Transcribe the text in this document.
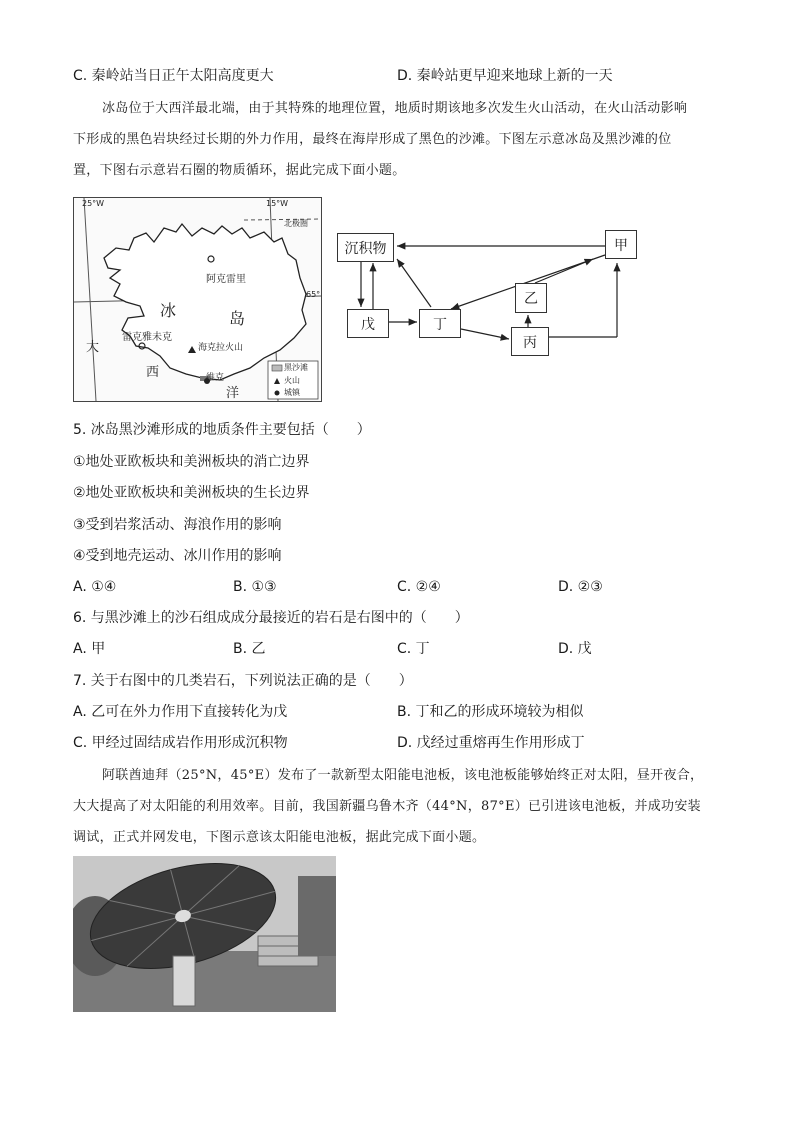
C. 秦岭站当日正午太阳高度更大	D. 秦岭站更早迎来地球上新的一天
冰岛位于大西洋最北端，由于其特殊的地理位置，地质时期该地多次发生火山活动，在火山活动影响
下形成的黑色岩块经过长期的外力作用，最终在海岸形成了黑色的沙滩。下图左示意冰岛及黑沙滩的位
置，下图右示意岩石圈的物质循环，据此完成下面小题。
25°W	15°W
北极圈
65°
阿克雷里
冰	岛
雷克雅未克
海克拉火山
维克
大
西
洋
黑沙滩
火山
城镇
沉积物	甲
乙
戊	丁
丙
5. 冰岛黑沙滩形成的地质条件主要包括（　　）
①地处亚欧板块和美洲板块的消亡边界
②地处亚欧板块和美洲板块的生长边界
③受到岩浆活动、海浪作用的影响
④受到地壳运动、冰川作用的影响
A. ①④	B. ①③	C. ②④	D. ②③
6. 与黑沙滩上的沙石组成成分最接近的岩石是右图中的（　　）
A. 甲	B. 乙	C. 丁	D. 戊
7. 关于右图中的几类岩石，下列说法正确的是（　　）
A. 乙可在外力作用下直接转化为戊	B. 丁和乙的形成环境较为相似
C. 甲经过固结成岩作用形成沉积物	D. 戊经过重熔再生作用形成丁
阿联酋迪拜（25°N，45°E）发布了一款新型太阳能电池板，该电池板能够始终正对太阳，昼开夜合，
大大提高了对太阳能的利用效率。目前，我国新疆乌鲁木齐（44°N，87°E）已引进该电池板，并成功安装
调试，正式并网发电，下图示意该太阳能电池板，据此完成下面小题。
